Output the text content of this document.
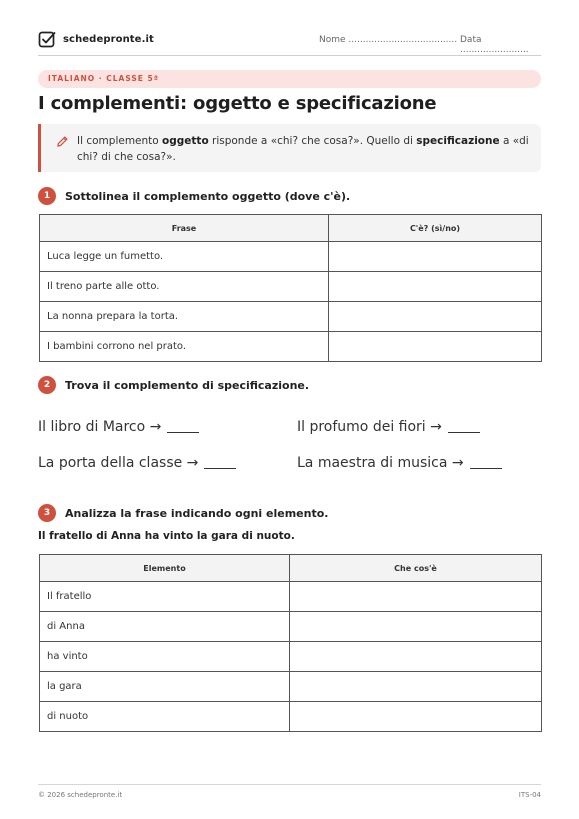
schedepronte.it	Nome ...................................... Data ........................
ITALIANO · CLASSE 5ª
I complementi: oggetto e specificazione
Il complemento oggetto risponde a «chi? che cosa?». Quello di specificazione a «di chi? di che cosa?».
1	Sottolinea il complemento oggetto (dove c'è).
Frase	C'è? (sì/no)
Luca legge un fumetto.	
Il treno parte alle otto.	
La nonna prepara la torta.	
I bambini corrono nel prato.	
2	Trova il complemento di specificazione.
Il libro di Marco →	Il profumo dei fiori →
La porta della classe →	La maestra di musica →
3	Analizza la frase indicando ogni elemento.
Il fratello di Anna ha vinto la gara di nuoto.
Elemento	Che cos'è
Il fratello	
di Anna	
ha vinto	
la gara	
di nuoto	
© 2026 schedepronte.it	ITS-04
